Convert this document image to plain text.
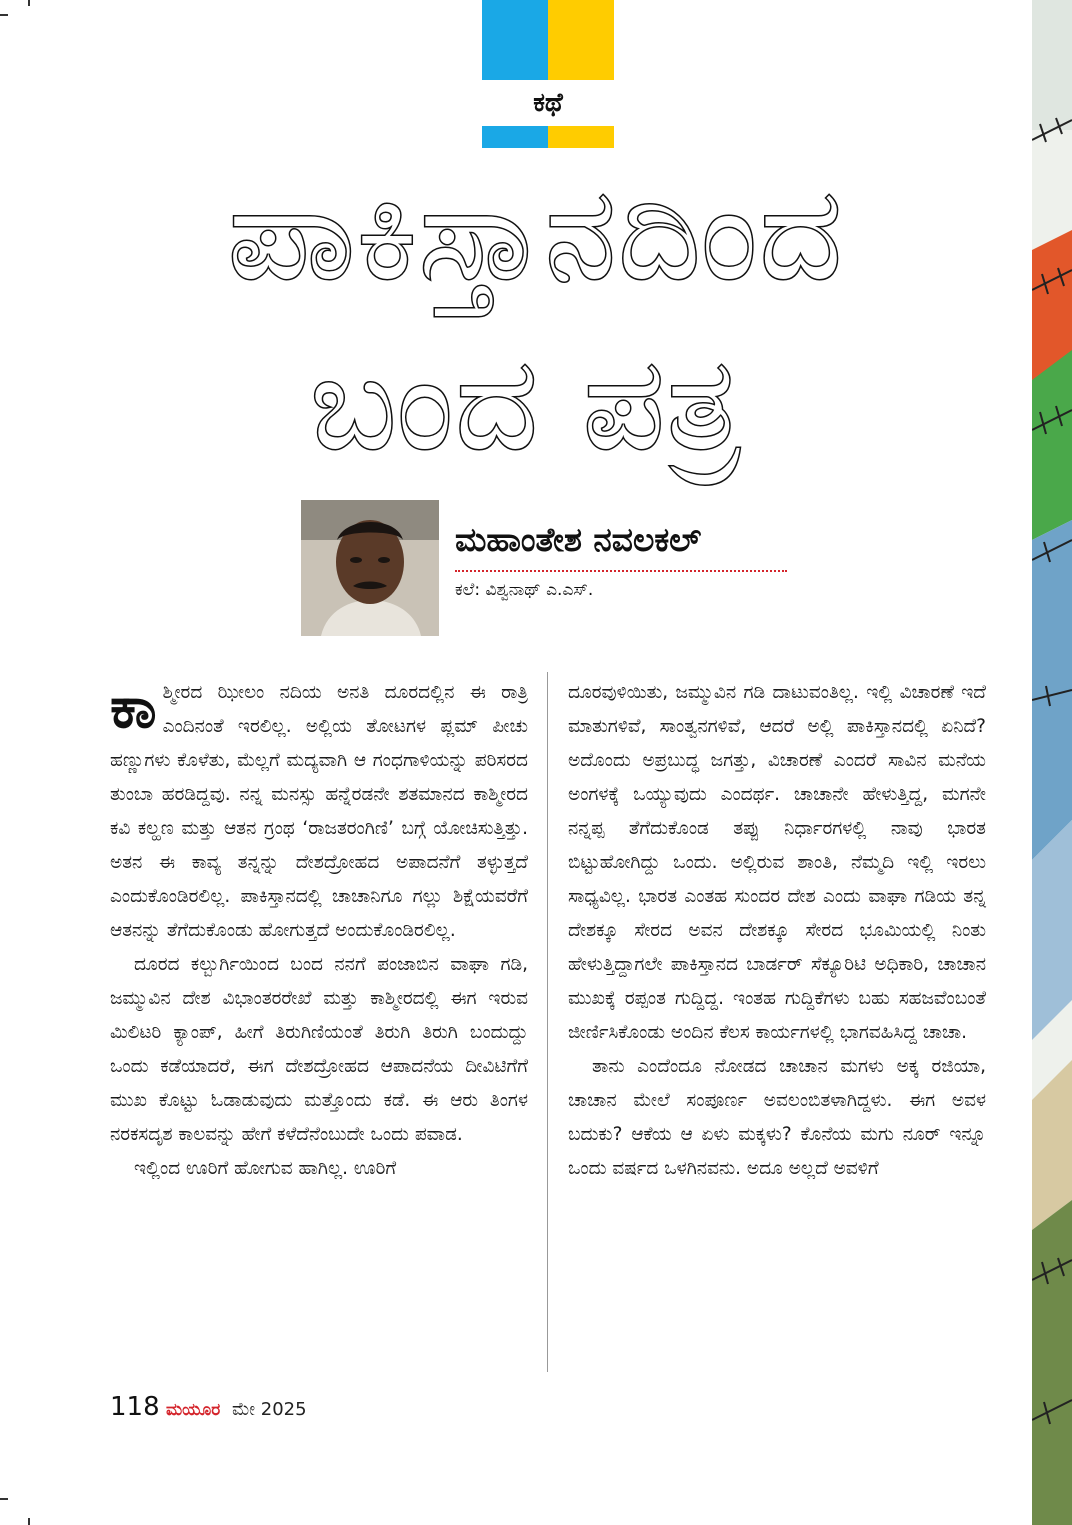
ಕಥೆ
ಪಾಕಿಸ್ತಾನದಿಂದ
ಬಂದ ಪತ್ರ
ಮಹಾಂತೇಶ ನವಲಕಲ್
ಕಲೆ: ವಿಶ್ವನಾಥ್ ಎ.ಎಸ್.

ಕಾಶ್ಮೀರದ ಝೀಲಂ ನದಿಯ ಅನತಿ ದೂರದಲ್ಲಿನ ಈ ರಾತ್ರಿ ಎಂದಿನಂತೆ ಇರಲಿಲ್ಲ. ಅಲ್ಲಿಯ ತೋಟಗಳ ಪ್ಲಮ್ ಪೀಚು ಹಣ್ಣುಗಳು ಕೊಳೆತು, ಮೆಲ್ಲಗೆ ಮದ್ಯವಾಗಿ ಆ ಗಂಧಗಾಳಿಯನ್ನು ಪರಿಸರದ ತುಂಬಾ ಹರಡಿದ್ದವು. ನನ್ನ ಮನಸ್ಸು ಹನ್ನೆರಡನೇ ಶತಮಾನದ ಕಾಶ್ಮೀರದ ಕವಿ ಕಲ್ಹಣ ಮತ್ತು ಆತನ ಗ್ರಂಥ ‘ರಾಜತರಂಗಿಣಿ’ ಬಗ್ಗೆ ಯೋಚಿಸುತ್ತಿತ್ತು. ಅತನ ಈ ಕಾವ್ಯ ತನ್ನನ್ನು ದೇಶದ್ರೋಹದ ಅಪಾದನೆಗೆ ತಳ್ಳುತ್ತದೆ ಎಂದುಕೊಂಡಿರಲಿಲ್ಲ. ಪಾಕಿಸ್ತಾನದಲ್ಲಿ ಚಾಚಾನಿಗೂ ಗಲ್ಲು ಶಿಕ್ಷೆಯವರೆಗೆ ಆತನನ್ನು ತೆಗೆದುಕೊಂಡು ಹೋಗುತ್ತದೆ ಅಂದುಕೊಂಡಿರಲಿಲ್ಲ.

ದೂರದ ಕಲ್ಬುರ್ಗಿಯಿಂದ ಬಂದ ನನಗೆ ಪಂಜಾಬಿನ ವಾಘಾ ಗಡಿ, ಜಮ್ಮುವಿನ ದೇಶ ವಿಭಾಂತರರೇಖೆ ಮತ್ತು ಕಾಶ್ಮೀರದಲ್ಲಿ ಈಗ ಇರುವ ಮಿಲಿಟರಿ ಕ್ಯಾಂಪ್, ಹೀಗೆ ತಿರುಗಿಣಿಯಂತೆ ತಿರುಗಿ ತಿರುಗಿ ಬಂದುದ್ದು ಒಂದು ಕಡೆಯಾದರೆ, ಈಗ ದೇಶದ್ರೋಹದ ಆಪಾದನೆಯ ದೀವಿಟಿಗೆಗೆ ಮುಖ ಕೊಟ್ಟು ಓಡಾಡುವುದು ಮತ್ತೊಂದು ಕಡೆ. ಈ ಆರು ತಿಂಗಳ ನರಕಸದೃಶ ಕಾಲವನ್ನು ಹೇಗೆ ಕಳೆದೆನೆಂಬುದೇ ಒಂದು ಪವಾಡ.

ಇಲ್ಲಿಂದ ಊರಿಗೆ ಹೋಗುವ ಹಾಗಿಲ್ಲ. ಊರಿಗೆ

ದೂರವುಳಿಯಿತು, ಜಮ್ಮುವಿನ ಗಡಿ ದಾಟುವಂತಿಲ್ಲ. ಇಲ್ಲಿ ವಿಚಾರಣೆ ಇದೆ ಮಾತುಗಳಿವೆ, ಸಾಂತ್ವನಗಳಿವೆ, ಆದರೆ ಅಲ್ಲಿ ಪಾಕಿಸ್ತಾನದಲ್ಲಿ ಏನಿದೆ? ಅದೊಂದು ಅಪ್ರಬುದ್ಧ ಜಗತ್ತು, ವಿಚಾರಣೆ ಎಂದರೆ ಸಾವಿನ ಮನೆಯ ಅಂಗಳಕ್ಕೆ ಒಯ್ಯುವುದು ಎಂದರ್ಥ. ಚಾಚಾನೇ ಹೇಳುತ್ತಿದ್ದ, ಮಗನೇ ನನ್ನಪ್ಪ ತೆಗೆದುಕೊಂಡ ತಪ್ಪು ನಿರ್ಧಾರಗಳಲ್ಲಿ ನಾವು ಭಾರತ ಬಿಟ್ಟುಹೋಗಿದ್ದು ಒಂದು. ಅಲ್ಲಿರುವ ಶಾಂತಿ, ನೆಮ್ಮದಿ ಇಲ್ಲಿ ಇರಲು ಸಾಧ್ಯವಿಲ್ಲ. ಭಾರತ ಎಂತಹ ಸುಂದರ ದೇಶ ಎಂದು ವಾಘಾ ಗಡಿಯ ತನ್ನ ದೇಶಕ್ಕೂ ಸೇರದ ಅವನ ದೇಶಕ್ಕೂ ಸೇರದ ಭೂಮಿಯಲ್ಲಿ ನಿಂತು ಹೇಳುತ್ತಿದ್ದಾಗಲೇ ಪಾಕಿಸ್ತಾನದ ಬಾರ್ಡರ್ ಸೆಕ್ಯೂರಿಟಿ ಅಧಿಕಾರಿ, ಚಾಚಾನ ಮುಖಕ್ಕೆ ರಪ್ಪಂತ ಗುದ್ದಿದ್ದ. ಇಂತಹ ಗುದ್ದಿಕೆಗಳು ಬಹು ಸಹಜವೆಂಬಂತೆ ಜೀರ್ಣಿಸಿಕೊಂಡು ಅಂದಿನ ಕೆಲಸ ಕಾರ್ಯಗಳಲ್ಲಿ ಭಾಗವಹಿಸಿದ್ದ ಚಾಚಾ.

ತಾನು ಎಂದೆಂದೂ ನೋಡದ ಚಾಚಾನ ಮಗಳು ಅಕ್ಕ ರಜಿಯಾ, ಚಾಚಾನ ಮೇಲೆ ಸಂಪೂರ್ಣ ಅವಲಂಬಿತಳಾಗಿದ್ದಳು. ಈಗ ಅವಳ ಬದುಕು? ಆಕೆಯ ಆ ಏಳು ಮಕ್ಕಳು? ಕೊನೆಯ ಮಗು ನೂರ್ ಇನ್ನೂ ಒಂದು ವರ್ಷದ ಒಳಗಿನವನು. ಅದೂ ಅಲ್ಲದೆ ಅವಳಿಗೆ

118 ಮಯೂರ ಮೇ 2025
